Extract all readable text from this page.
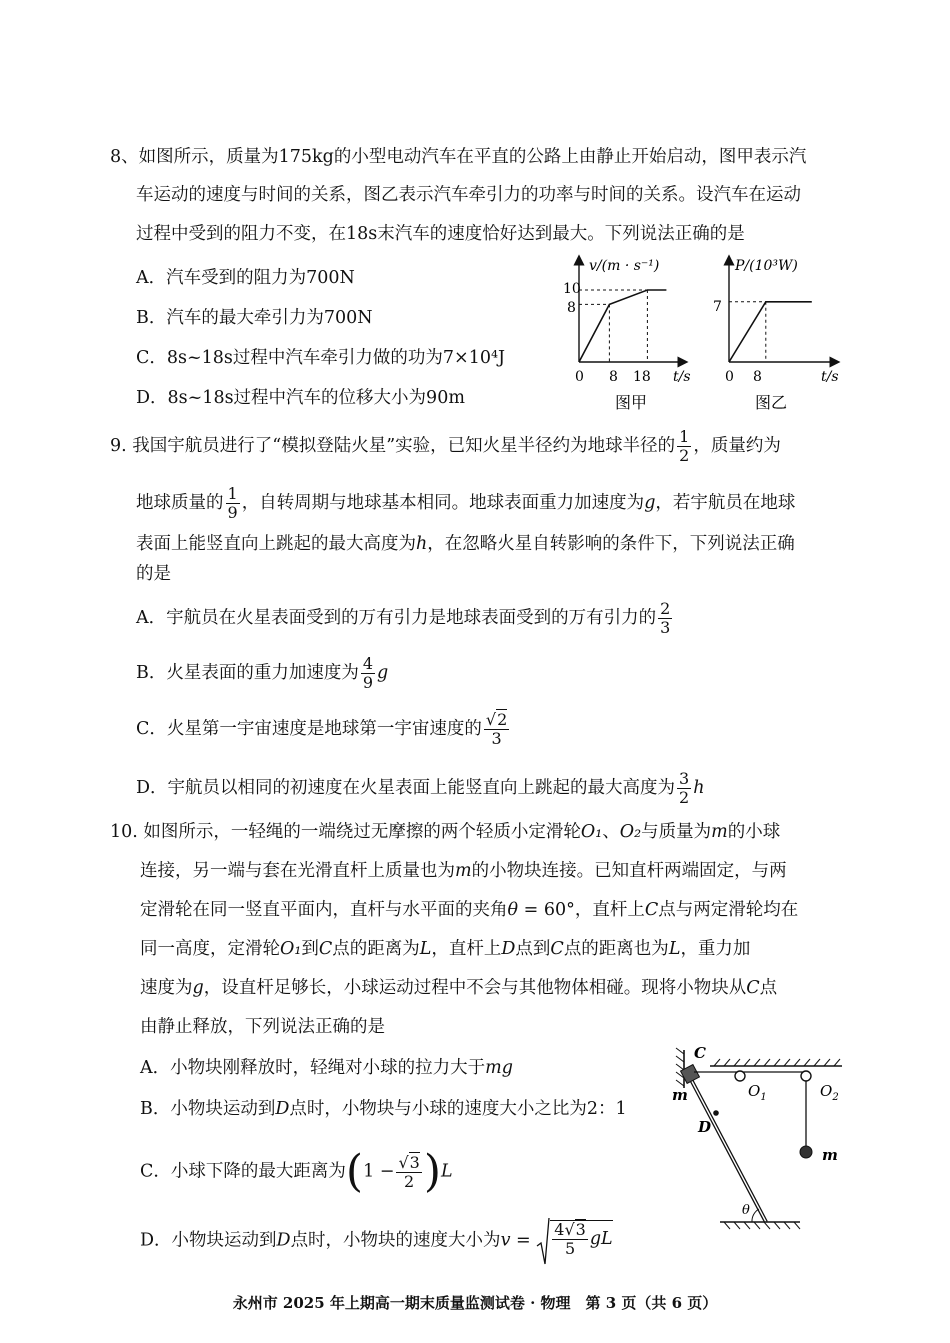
8、如图所示，质量为175kg的小型电动汽车在平直的公路上由静止开始启动，图甲表示汽
车运动的速度与时间的关系，图乙表示汽车牵引力的功率与时间的关系。设汽车在运动
过程中受到的阻力不变，在18s末汽车的速度恰好达到最大。下列说法正确的是
A．汽车受到的阻力为700N
B．汽车的最大牵引力为700N
C．8s~18s过程中汽车牵引力做的功为7×10⁴J
D．8s~18s过程中汽车的位移大小为90m
v/(m · s⁻¹)
10
8
0 8 18 t/s
图甲
P/(10³W)
7
0 8	t/s
图乙
9. 我国宇航员进行了“模拟登陆火星”实验，已知火星半径约为地球半径的 $\frac{1}{2}$ ，质量约为
地球质量的 $\frac{1}{9}$ ，自转周期与地球基本相同。地球表面重力加速度为g，若宇航员在地球
表面上能竖直向上跳起的最大高度为h，在忽略火星自转影响的条件下，下列说法正确
的是
A．宇航员在火星表面受到的万有引力是地球表面受到的万有引力的 $\frac{2}{3}$
B．火星表面的重力加速度为 $\frac{4}{9}$ g
C．火星第一宇宙速度是地球第一宇宙速度的 $\frac{√2}{3}$
D．宇航员以相同的初速度在火星表面上能竖直向上跳起的最大高度为 $\frac{3}{2}$ h
10. 如图所示，一轻绳的一端绕过无摩擦的两个轻质小定滑轮O₁、O₂与质量为m的小球
连接，另一端与套在光滑直杆上质量也为m的小物块连接。已知直杆两端固定，与两
定滑轮在同一竖直平面内，直杆与水平面的夹角θ = 60°，直杆上C点与两定滑轮均在
同一高度，定滑轮O₁到C点的距离为L，直杆上D点到C点的距离也为L，重力加
速度为g，设直杆足够长，小球运动过程中不会与其他物体相碰。现将小物块从C点
由静止释放，下列说法正确的是
A．小物块刚释放时，轻绳对小球的拉力大于mg
B．小物块运动到D点时，小物块与小球的速度大小之比为2：1
C．小球下降的最大距离为$(1 - \frac{√3}{2} )L$
D．小物块运动到D点时，小物块的速度大小为$v = \frac{4√3}{5}$ gL
C
m	$O_1$	$O_2$
D
m
θ
永州市 2025 年上期高一期末质量监测试卷 · 物理　第 3 页（共 6 页）
